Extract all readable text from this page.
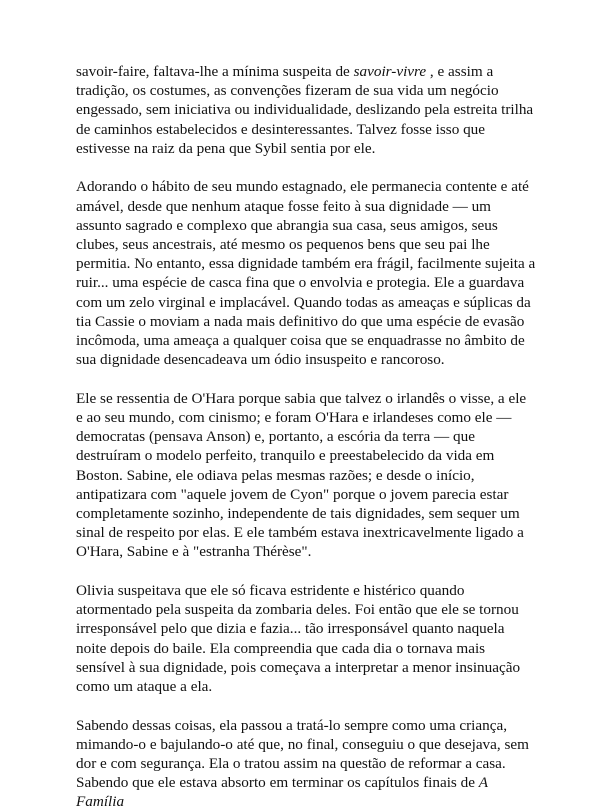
savoir-faire, faltava-lhe a mínima suspeita de savoir-vivre , e assim a tradição, os costumes, as convenções fizeram de sua vida um negócio engessado, sem iniciativa ou individualidade, deslizando pela estreita trilha de caminhos estabelecidos e desinteressantes. Talvez fosse isso que estivesse na raiz da pena que Sybil sentia por ele.

Adorando o hábito de seu mundo estagnado, ele permanecia contente e até amável, desde que nenhum ataque fosse feito à sua dignidade — um assunto sagrado e complexo que abrangia sua casa, seus amigos, seus clubes, seus ancestrais, até mesmo os pequenos bens que seu pai lhe permitia. No entanto, essa dignidade também era frágil, facilmente sujeita a ruir... uma espécie de casca fina que o envolvia e protegia. Ele a guardava com um zelo virginal e implacável. Quando todas as ameaças e súplicas da tia Cassie o moviam a nada mais definitivo do que uma espécie de evasão incômoda, uma ameaça a qualquer coisa que se enquadrasse no âmbito de sua dignidade desencadeava um ódio insuspeito e rancoroso.

Ele se ressentia de O'Hara porque sabia que talvez o irlandês o visse, a ele e ao seu mundo, com cinismo; e foram O'Hara e irlandeses como ele — democratas (pensava Anson) e, portanto, a escória da terra — que destruíram o modelo perfeito, tranquilo e preestabelecido da vida em Boston. Sabine, ele odiava pelas mesmas razões; e desde o início, antipatizara com "aquele jovem de Cyon" porque o jovem parecia estar completamente sozinho, independente de tais dignidades, sem sequer um sinal de respeito por elas. E ele também estava inextricavelmente ligado a O'Hara, Sabine e à "estranha Thérèse".

Olivia suspeitava que ele só ficava estridente e histérico quando atormentado pela suspeita da zombaria deles. Foi então que ele se tornou irresponsável pelo que dizia e fazia... tão irresponsável quanto naquela noite depois do baile. Ela compreendia que cada dia o tornava mais sensível à sua dignidade, pois começava a interpretar a menor insinuação como um ataque a ela.

Sabendo dessas coisas, ela passou a tratá-lo sempre como uma criança, mimando-o e bajulando-o até que, no final, conseguiu o que desejava, sem dor e com segurança. Ela o tratou assim na questão de reformar a casa. Sabendo que ele estava absorto em terminar os capítulos finais de A Família
